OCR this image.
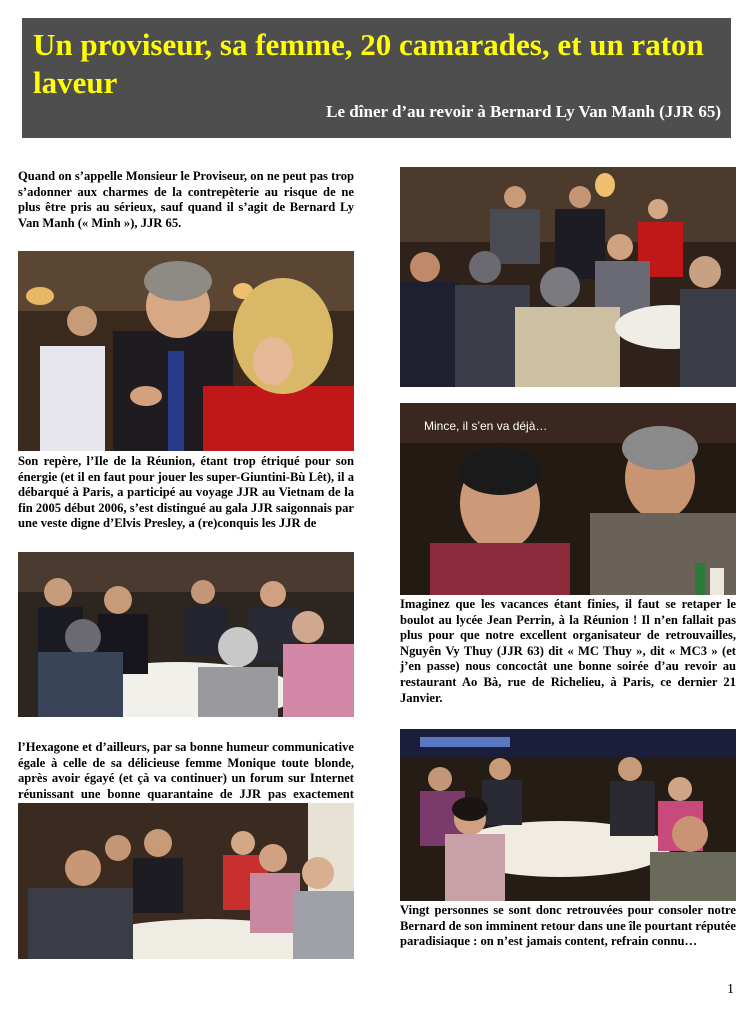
Un proviseur, sa femme, 20 camarades, et un raton laveur
Le dîner d’au revoir à Bernard Ly Van Manh (JJR 65)

Quand on s’appelle Monsieur le Proviseur, on ne peut pas trop s’adonner aux charmes de la contrepèterie au risque de ne plus être pris au sérieux, sauf quand il s’agit de Bernard Ly Van Manh (« Minh »), JJR 65.

Son repère, l’Ile de la Réunion, étant trop étriqué pour son énergie (et il en faut pour jouer les super-Giuntini-Bù Lêt), il a débarqué à Paris, a participé au voyage JJR au Vietnam de la fin 2005 début 2006, s’est distingué au gala JJR saigonnais par une veste digne d’Elvis Presley, a (re)conquis les JJR de

l’Hexagone et d’ailleurs, par sa bonne humeur communicative égale à celle de sa délicieuse femme Monique toute blonde, après avoir égayé (et çà va continuer) un forum sur Internet réunissant une bonne quarantaine de JJR pas exactement

Mince, il s’en va déjà…

Imaginez que les vacances étant finies, il faut se retaper le boulot au lycée Jean Perrin, à la Réunion ! Il n’en fallait pas plus pour que notre excellent organisateur de retrouvailles, Nguyên Vy Thuy (JJR 63) dit « MC Thuy », dit « MC3 » (et j’en passe) nous concoctât une bonne soirée d’au revoir au restaurant Ao Bà, rue de Richelieu, à Paris, ce dernier 21 Janvier.

Vingt personnes se sont donc retrouvées pour consoler notre Bernard de son imminent retour dans une île pourtant réputée paradisiaque : on n’est jamais content, refrain connu…

1
